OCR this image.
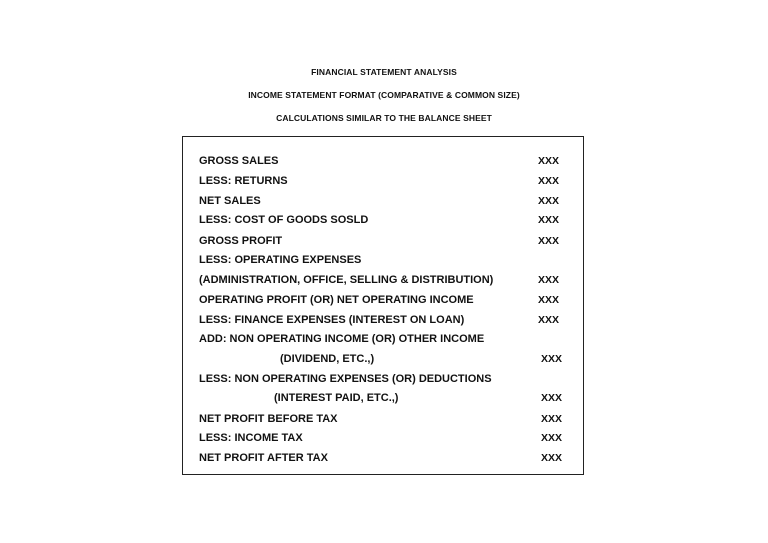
FINANCIAL STATEMENT ANALYSIS
INCOME STATEMENT FORMAT (COMPARATIVE & COMMON SIZE)
CALCULATIONS SIMILAR TO THE BALANCE SHEET
GROSS SALES	XXX
LESS: RETURNS	XXX
NET SALES	XXX
LESS: COST OF GOODS SOSLD	XXX
GROSS PROFIT	XXX
LESS: OPERATING EXPENSES
(ADMINISTRATION, OFFICE, SELLING & DISTRIBUTION)	XXX
OPERATING PROFIT (OR) NET OPERATING INCOME	XXX
LESS: FINANCE EXPENSES (INTEREST ON LOAN)	XXX
ADD: NON OPERATING INCOME (OR) OTHER INCOME
(DIVIDEND, ETC.,)	XXX
LESS: NON OPERATING EXPENSES (OR) DEDUCTIONS
(INTEREST PAID, ETC.,)	XXX
NET PROFIT BEFORE TAX	XXX
LESS: INCOME TAX	XXX
NET PROFIT AFTER TAX	XXX
